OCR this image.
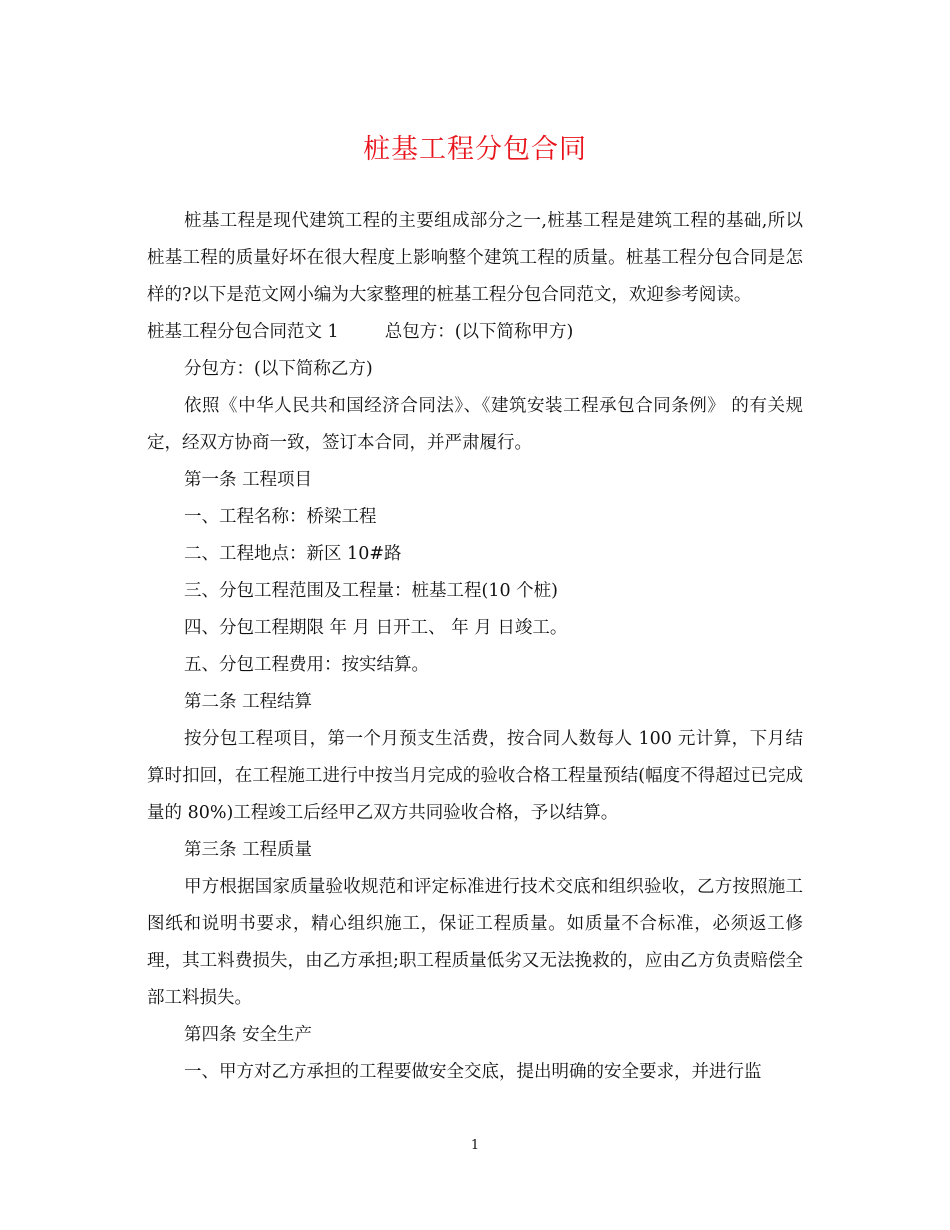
桩基工程分包合同

桩基工程是现代建筑工程的主要组成部分之一,桩基工程是建筑工程的基础,所以桩基工程的质量好坏在很大程度上影响整个建筑工程的质量。桩基工程分包合同是怎样的?以下是范文网小编为大家整理的桩基工程分包合同范文，欢迎参考阅读。

桩基工程分包合同范文 1	总包方：(以下简称甲方)

分包方：(以下简称乙方)

依照《中华人民共和国经济合同法》、《建筑安装工程承包合同条例》 的有关规定，经双方协商一致，签订本合同，并严肃履行。

第一条 工程项目

一、工程名称：桥梁工程

二、工程地点：新区 10#路

三、分包工程范围及工程量：桩基工程(10 个桩)

四、分包工程期限 年 月 日开工、 年 月 日竣工。

五、分包工程费用：按实结算。

第二条 工程结算

按分包工程项目，第一个月预支生活费，按合同人数每人 100 元计算，下月结算时扣回，在工程施工进行中按当月完成的验收合格工程量预结(幅度不得超过已完成量的 80%)工程竣工后经甲乙双方共同验收合格，予以结算。

第三条 工程质量

甲方根据国家质量验收规范和评定标准进行技术交底和组织验收，乙方按照施工图纸和说明书要求，精心组织施工，保证工程质量。如质量不合标准，必须返工修理，其工料费损失，由乙方承担;职工程质量低劣又无法挽救的，应由乙方负责赔偿全部工料损失。

第四条 安全生产

一、甲方对乙方承担的工程要做安全交底，提出明确的安全要求，并进行监

1
